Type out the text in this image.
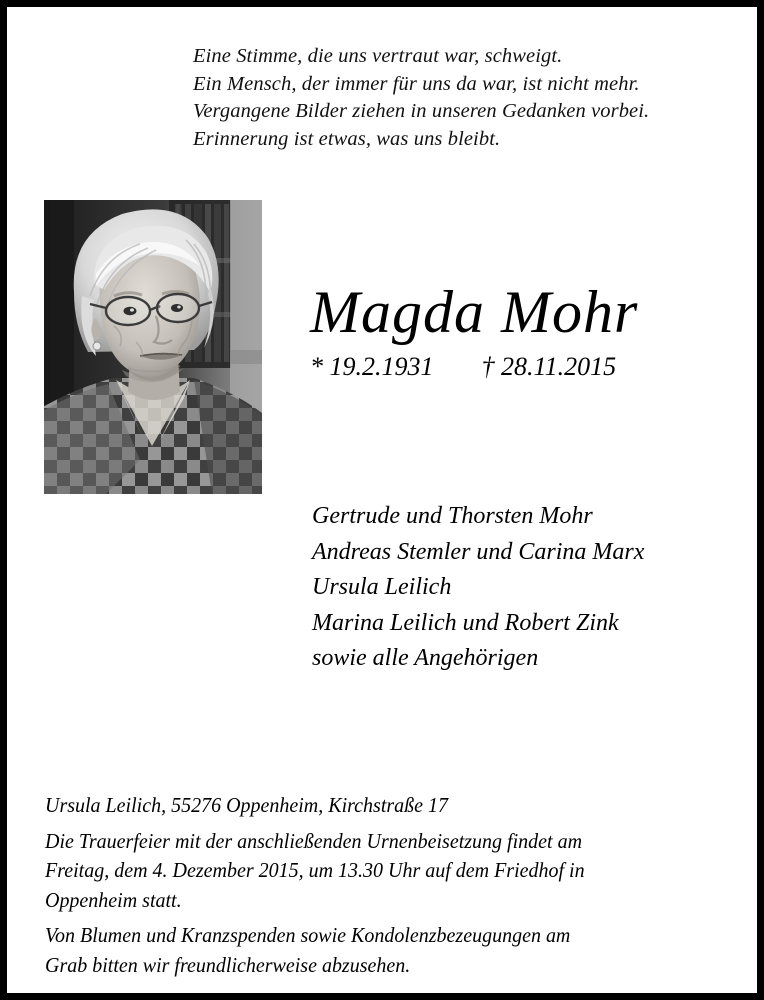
Eine Stimme, die uns vertraut war, schweigt.
Ein Mensch, der immer für uns da war, ist nicht mehr.
Vergangene Bilder ziehen in unseren Gedanken vorbei.
Erinnerung ist etwas, was uns bleibt.
Magda Mohr
* 19.2.1931 † 28.11.2015
Gertrude und Thorsten Mohr
Andreas Stemler und Carina Marx
Ursula Leilich
Marina Leilich und Robert Zink
sowie alle Angehörigen
Ursula Leilich, 55276 Oppenheim, Kirchstraße 17
Die Trauerfeier mit der anschließenden Urnenbeisetzung findet am
Freitag, dem 4. Dezember 2015, um 13.30 Uhr auf dem Friedhof in
Oppenheim statt.
Von Blumen und Kranzspenden sowie Kondolenzbezeugungen am
Grab bitten wir freundlicherweise abzusehen.
